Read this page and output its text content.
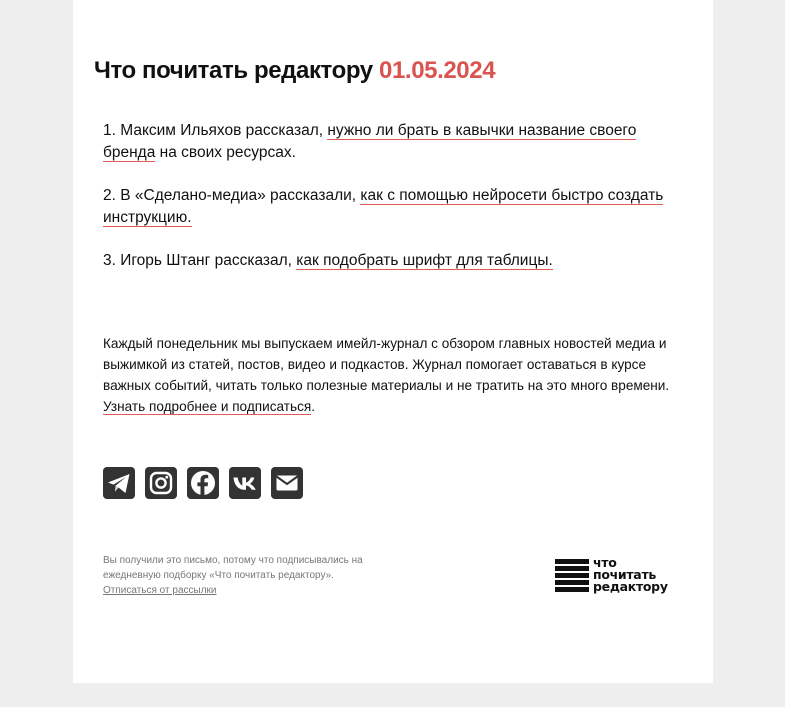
Что почитать редактору 01.05.2024

1. Максим Ильяхов рассказал, нужно ли брать в кавычки название своего бренда на своих ресурсах.

2. В «Сделано-медиа» рассказали, как с помощью нейросети быстро создать инструкцию.

3. Игорь Штанг рассказал, как подобрать шрифт для таблицы.

Каждый понедельник мы выпускаем имейл-журнал с обзором главных новостей медиа и выжимкой из статей, постов, видео и подкастов. Журнал помогает оставаться в курсе важных событий, читать только полезные материалы и не тратить на это много времени. Узнать подробнее и подписаться.
Вы получили это письмо, потому что подписывались на ежедневную подборку «Что почитать редактору».
Отписаться от рассылки
что
почитать
редактору
